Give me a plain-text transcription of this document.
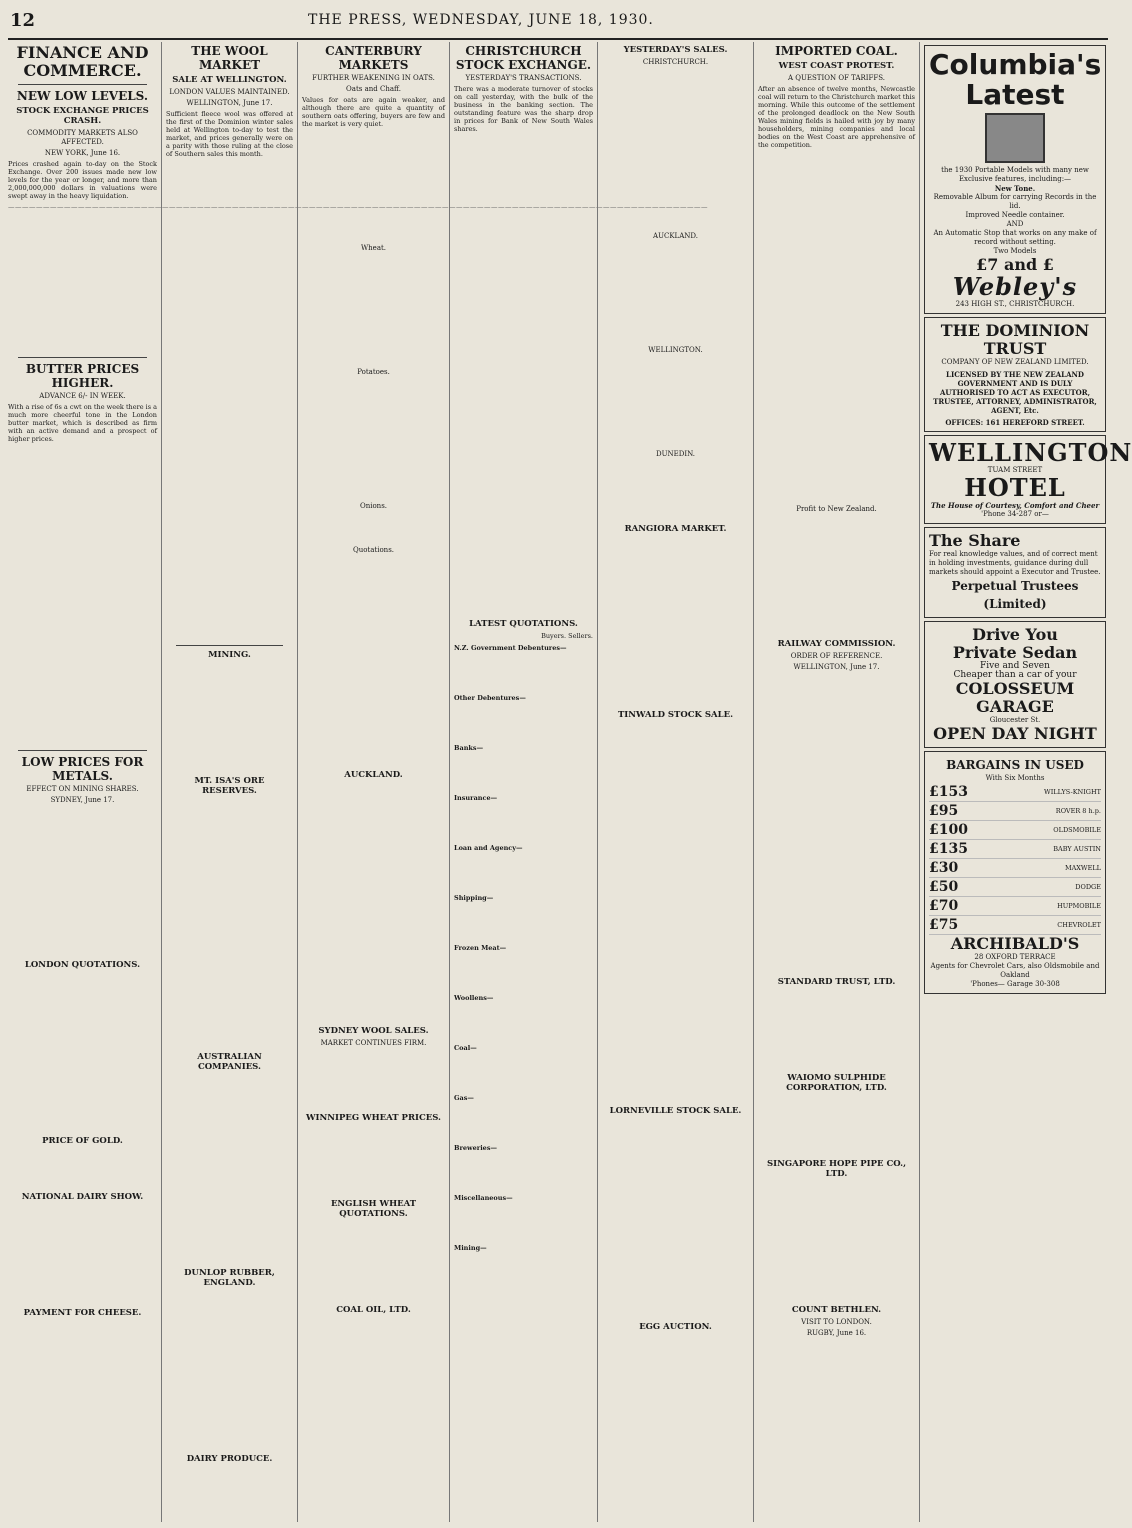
12	THE PRESS, WEDNESDAY, JUNE 18, 1930.
FINANCE AND COMMERCE.
NEW LOW LEVELS.
STOCK EXCHANGE PRICES CRASH.
COMMODITY MARKETS ALSO AFFECTED.
NEW YORK, June 16.
Prices crashed again to-day on the Stock Exchange. Over 200 issues made new low levels for the year or longer, and more than 2,000,000,000 dollars in valuations were swept away in the heavy liquidation.
————————————————————————————————————————————————————————————————————————————————————————————————————
BUTTER PRICES HIGHER.
ADVANCE 6/- IN WEEK.
With a rise of 6s a cwt on the week there is a much more cheerful tone in the London butter market, which is described as firm with an active demand and a prospect of higher prices.
LOW PRICES FOR METALS.
EFFECT ON MINING SHARES.
SYDNEY, June 17.
LONDON QUOTATIONS.
PRICE OF GOLD.
NATIONAL DAIRY SHOW.
PAYMENT FOR CHEESE.
THE WOOL MARKET
SALE AT WELLINGTON.
LONDON VALUES MAINTAINED.
WELLINGTON, June 17.
Sufficient fleece wool was offered at the first of the Dominion winter sales held at Wellington to-day to test the market, and prices generally were on a parity with those ruling at the close of Southern sales this month.
MINING.
MT. ISA'S ORE RESERVES.
AUSTRALIAN COMPANIES.
DUNLOP RUBBER, ENGLAND.
DAIRY PRODUCE.
CANTERBURY MARKETS
FURTHER WEAKENING IN OATS.
Oats and Chaff.
Values for oats are again weaker, and although there are quite a quantity of southern oats offering, buyers are few and the market is very quiet.
Wheat.
Potatoes.
Onions.
Quotations.
AUCKLAND.
SYDNEY WOOL SALES.
MARKET CONTINUES FIRM.
WINNIPEG WHEAT PRICES.
ENGLISH WHEAT QUOTATIONS.
COAL OIL, LTD.
CHRISTCHURCH STOCK EXCHANGE.
YESTERDAY'S TRANSACTIONS.
There was a moderate turnover of stocks on call yesterday, with the bulk of the business in the banking section. The outstanding feature was the sharp drop in prices for Bank of New South Wales shares.
LATEST QUOTATIONS.
Buyers. Sellers.
N.Z. Government Debentures—
Other Debentures—
Banks—
Insurance—
Loan and Agency—
Shipping—
Frozen Meat—
Woollens—
Coal—
Gas—
Breweries—
Miscellaneous—
Mining—
YESTERDAY'S SALES.
CHRISTCHURCH.
AUCKLAND.
WELLINGTON.
DUNEDIN.
RANGIORA MARKET.
TINWALD STOCK SALE.
LORNEVILLE STOCK SALE.
EGG AUCTION.
IMPORTED COAL.
WEST COAST PROTEST.
A QUESTION OF TARIFFS.
After an absence of twelve months, Newcastle coal will return to the Christchurch market this morning. While this outcome of the settlement of the prolonged deadlock on the New South Wales mining fields is hailed with joy by many householders, mining companies and local bodies on the West Coast are apprehensive of the competition.
Profit to New Zealand.
RAILWAY COMMISSION.
ORDER OF REFERENCE.
WELLINGTON, June 17.
STANDARD TRUST, LTD.
WAIOMO SULPHIDE CORPORATION, LTD.
SINGAPORE HOPE PIPE CO., LTD.
COUNT BETHLEN.
VISIT TO LONDON.
RUGBY, June 16.
Columbia's Latest
the 1930 Portable Models with many new Exclusive features, including:—
New Tone.
Removable Album for carrying Records in the lid.
Improved Needle container.
AND
An Automatic Stop that works on any make of record without setting.
Two Models
£7 and £
Webley's
243 HIGH ST., CHRISTCHURCH.
THE DOMINION TRUST
COMPANY OF NEW ZEALAND LIMITED.
LICENSED BY THE NEW ZEALAND GOVERNMENT AND IS DULY AUTHORISED TO ACT AS EXECUTOR, TRUSTEE, ATTORNEY, ADMINISTRATOR, AGENT, Etc.
OFFICES: 161 HEREFORD STREET.
WELLINGTON
TUAM STREET
HOTEL
The House of Courtesy, Comfort and Cheer
'Phone 34-287 or—
The Share
For real knowledge values, and of correct ment in holding investments, guidance during dull markets should appoint a Executor and Trustee.
Perpetual Trustees (Limited)
Drive You
Private Sedan
Five and Seven
Cheaper than a car of your
COLOSSEUM GARAGE
Gloucester St.
OPEN DAY NIGHT
BARGAINS IN USED
With Six Months
£153	WILLYS-KNIGHT
£95	ROVER 8 h.p.
£100	OLDSMOBILE
£135	BABY AUSTIN
£30	MAXWELL
£50	DODGE
£70	HUPMOBILE
£75	CHEVROLET
ARCHIBALD'S
28 OXFORD TERRACE
Agents for Chevrolet Cars, also Oldsmobile and Oakland
'Phones— Garage 30-308
